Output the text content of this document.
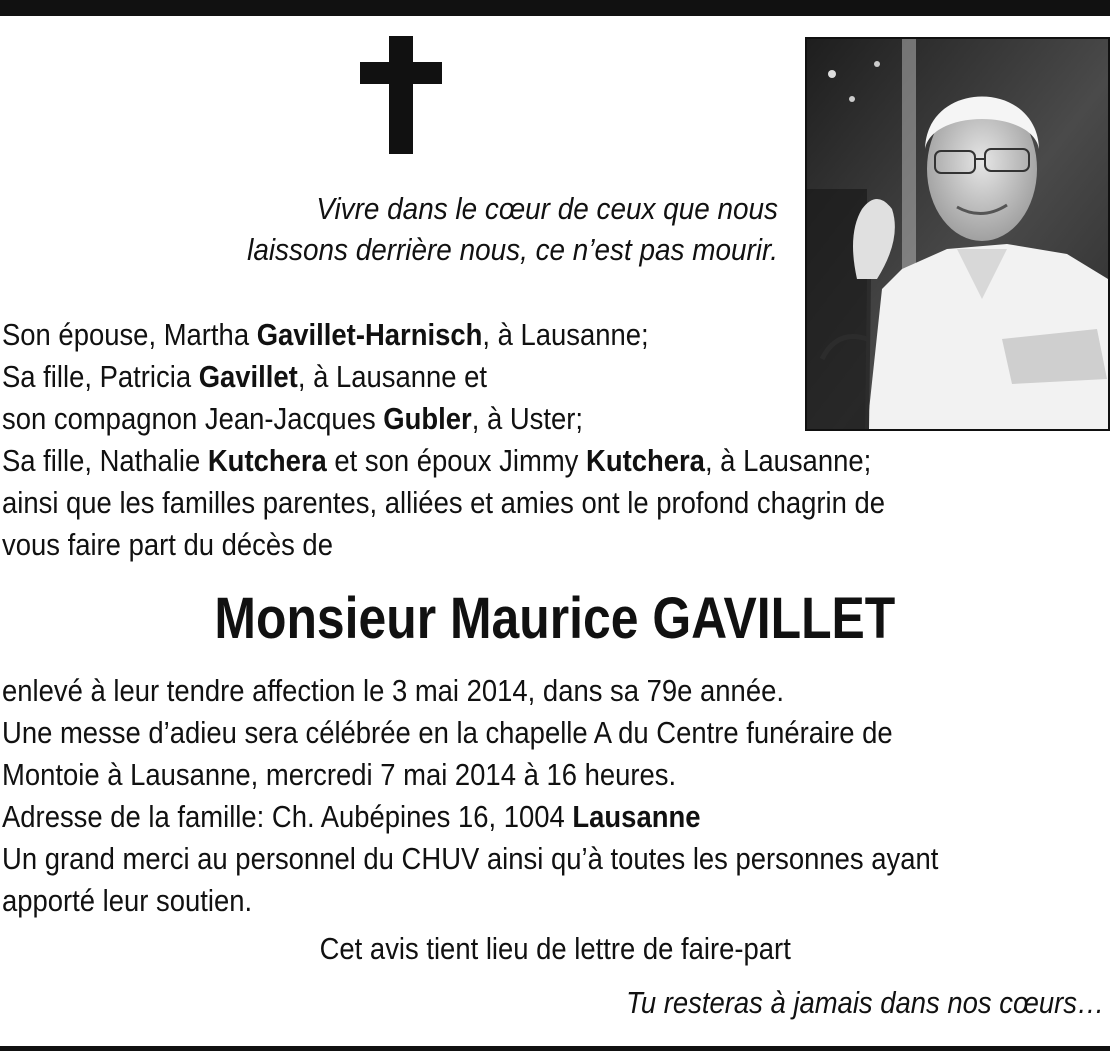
Vivre dans le cœur de ceux que nous
laissons derrière nous, ce n’est pas mourir.
Son épouse, Martha Gavillet-Harnisch, à Lausanne;
Sa fille, Patricia Gavillet, à Lausanne et
son compagnon Jean-Jacques Gubler, à Uster;
Sa fille, Nathalie Kutchera et son époux Jimmy Kutchera, à Lausanne;
ainsi que les familles parentes, alliées et amies ont le profond chagrin de
vous faire part du décès de
Monsieur Maurice GAVILLET
enlevé à leur tendre affection le 3 mai 2014, dans sa 79e année.
Une messe d’adieu sera célébrée en la chapelle A du Centre funéraire de
Montoie à Lausanne, mercredi 7 mai 2014 à 16 heures.
Adresse de la famille: Ch. Aubépines 16, 1004 Lausanne
Un grand merci au personnel du CHUV ainsi qu’à toutes les personnes ayant
apporté leur soutien.
Cet avis tient lieu de lettre de faire-part
Tu resteras à jamais dans nos cœurs…
